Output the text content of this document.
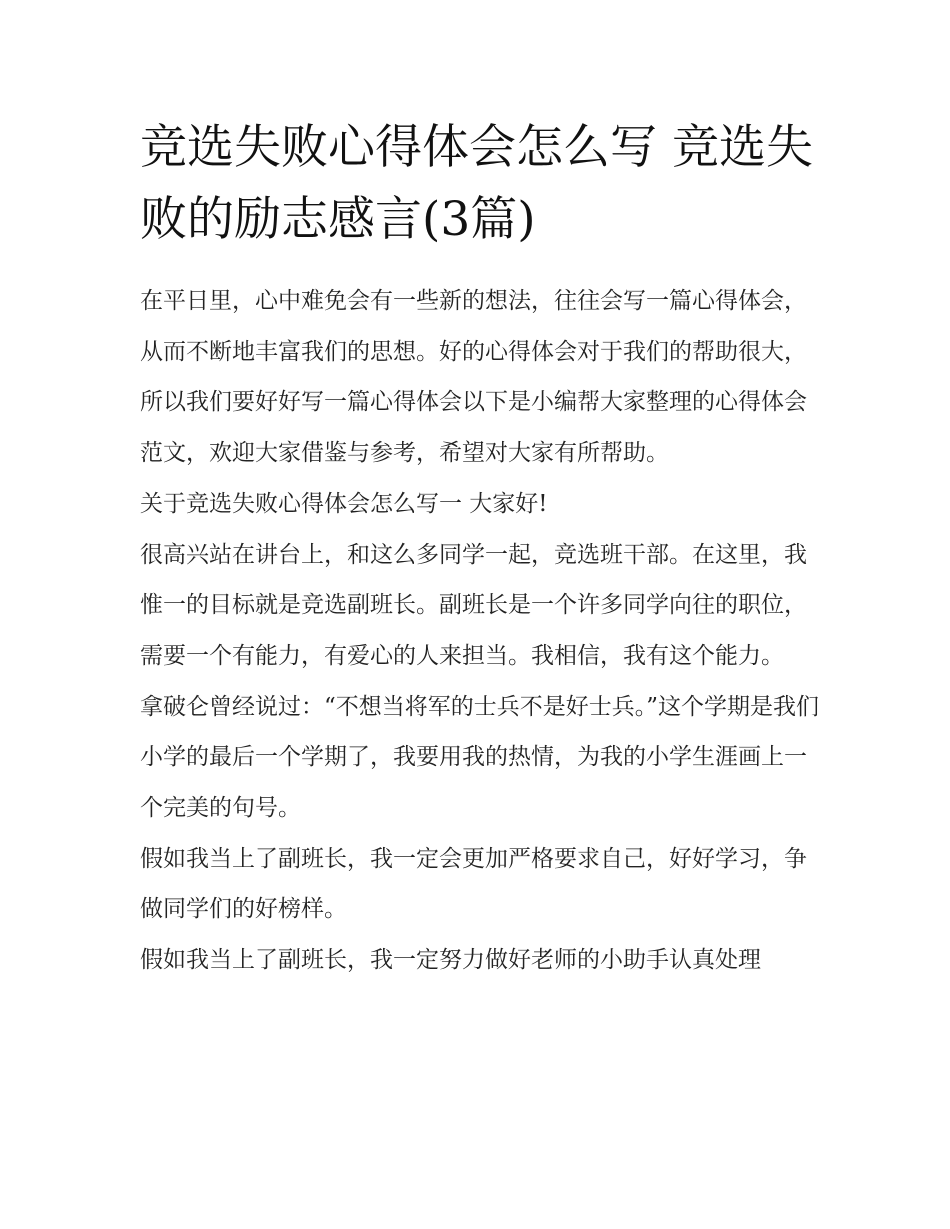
竞选失败心得体会怎么写 竞选失败的励志感言(3篇)

在平日里，心中难免会有一些新的想法，往往会写一篇心得体会，从而不断地丰富我们的思想。好的心得体会对于我们的帮助很大，所以我们要好好写一篇心得体会以下是小编帮大家整理的心得体会范文，欢迎大家借鉴与参考，希望对大家有所帮助。

关于竞选失败心得体会怎么写一 大家好!

很高兴站在讲台上，和这么多同学一起，竞选班干部。在这里，我惟一的目标就是竞选副班长。副班长是一个许多同学向往的职位，需要一个有能力，有爱心的人来担当。我相信，我有这个能力。

拿破仑曾经说过：“不想当将军的士兵不是好士兵。”这个学期是我们小学的最后一个学期了，我要用我的热情，为我的小学生涯画上一个完美的句号。

假如我当上了副班长，我一定会更加严格要求自己，好好学习，争做同学们的好榜样。

假如我当上了副班长，我一定努力做好老师的小助手认真处理
